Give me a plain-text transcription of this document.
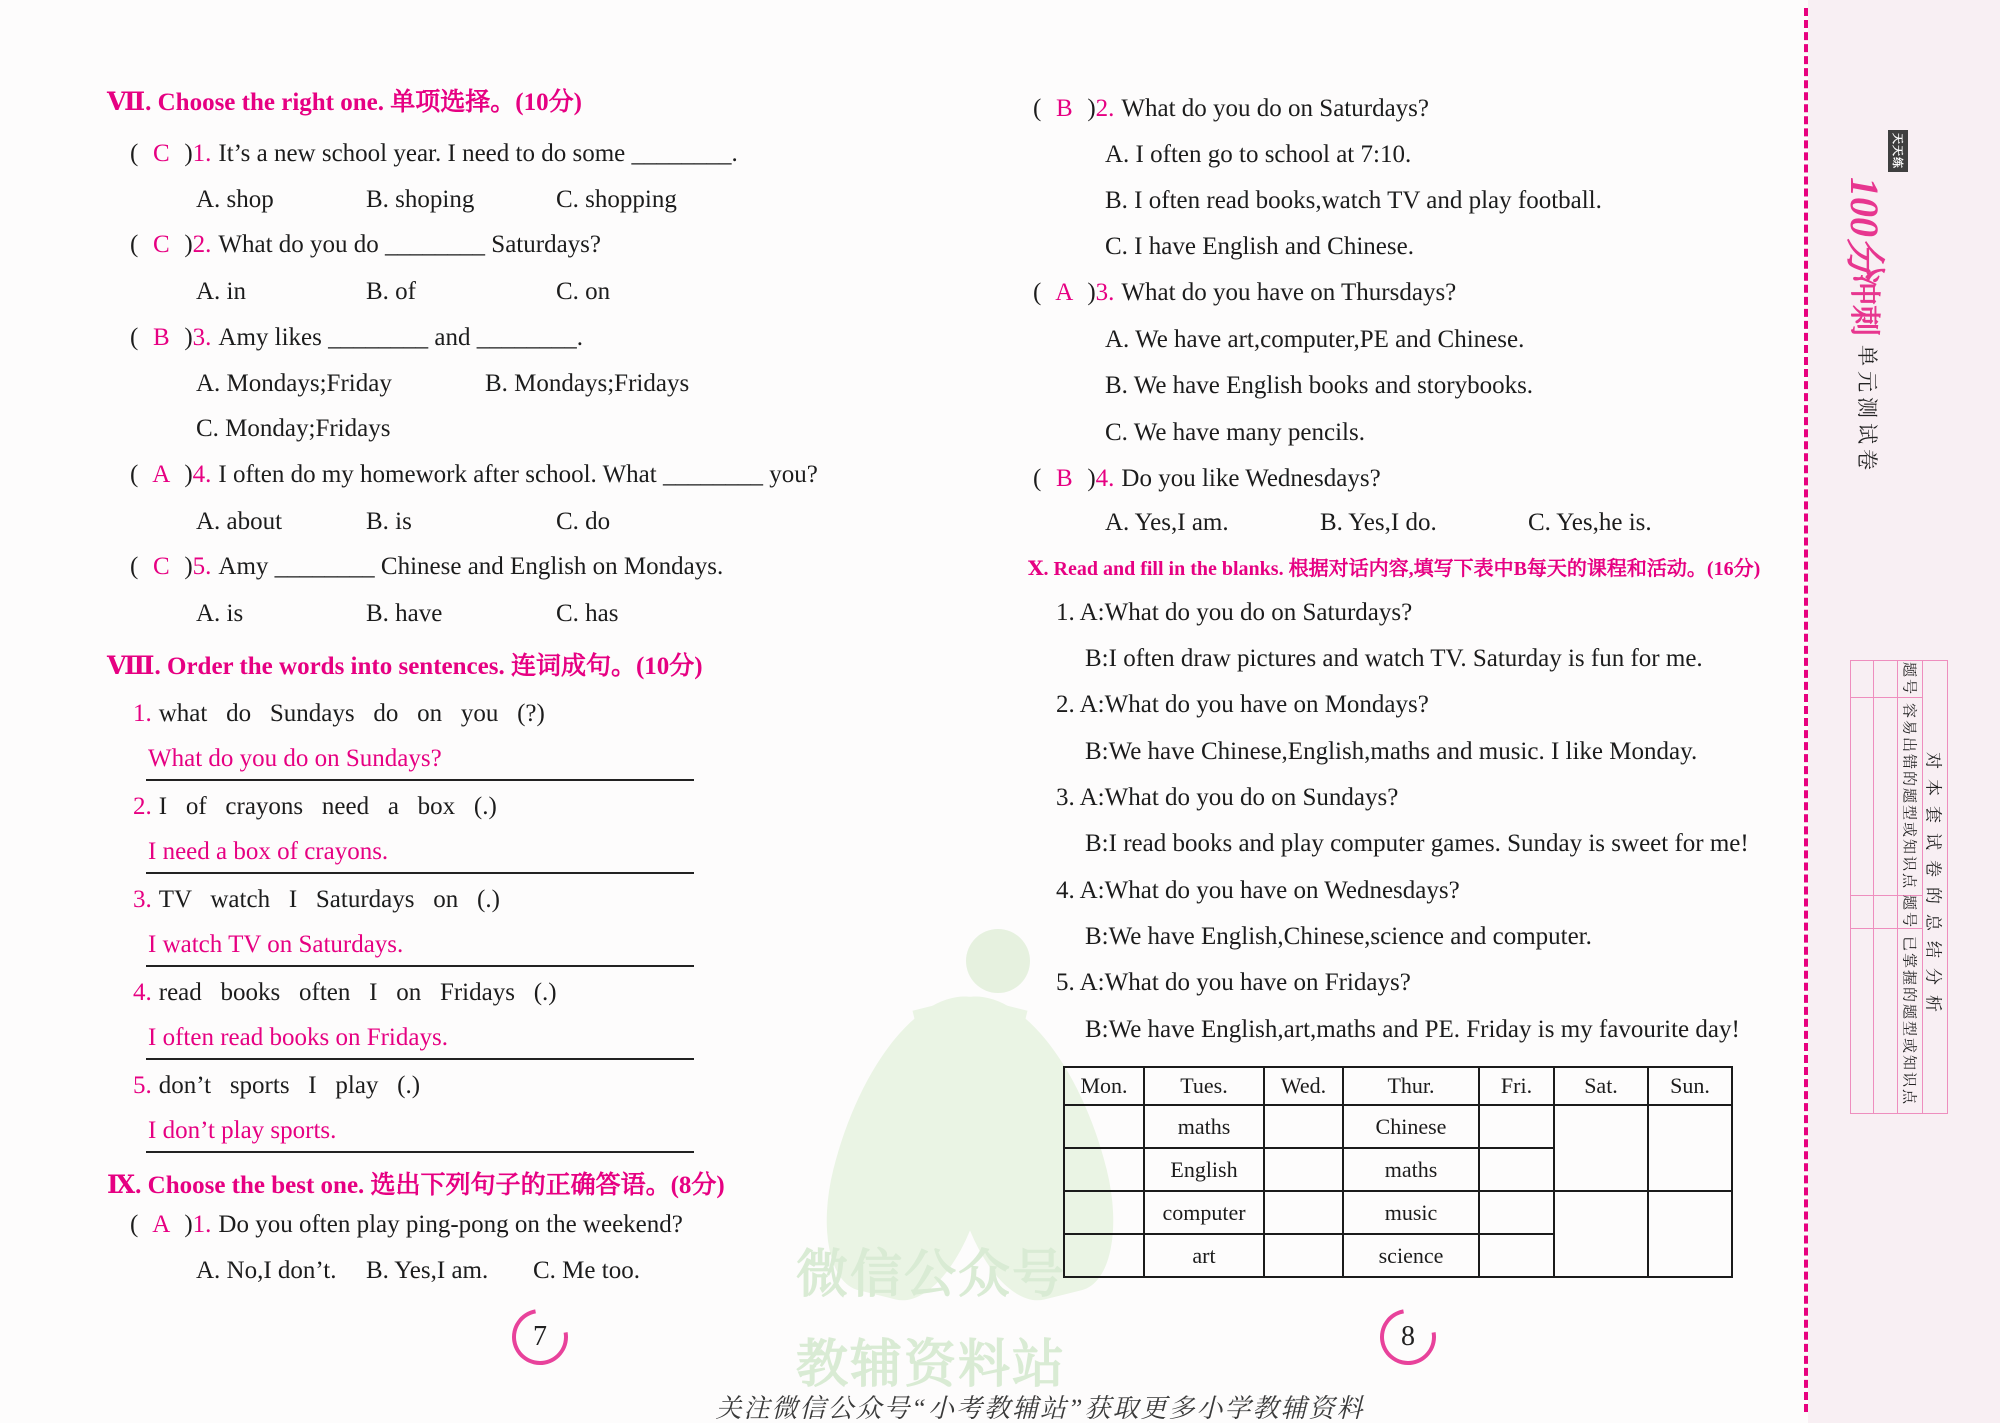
微信公众号
教辅资料站
Ⅶ. Choose the right one. 单项选择。(10分)
( C )1. It’s a new school year. I need to do some ________.

A. shop

	B. shoping

	C. shopping

( C )2. What do you do ________ Saturdays?

A. in

	B. of

	C. on

( B )3. Amy likes ________ and ________.

A. Mondays;Friday

	B. Mondays;Fridays

C. Monday;Fridays

( A )4. I often do my homework after school. What ________ you?

A. about

	B. is

	C. do

( C )5. Amy ________ Chinese and English on Mondays.

A. is

	B. have

	C. has

Ⅷ. Order the words into sentences. 连词成句。(10分)
1. what   do   Sundays   do   on   you   (?)
What do you do on Sundays?
2. I   of   crayons   need   a   box   (.)
I need a box of crayons.
3. TV   watch   I   Saturdays   on   (.)
I watch TV on Saturdays.
4. read   books   often   I   on   Fridays   (.)
I often read books on Fridays.
5. don’t   sports   I   play   (.)
I don’t play sports.
Ⅸ. Choose the best one. 选出下列句子的正确答语。(8分)
( A )1. Do you often play ping-pong on the weekend?

A. No,I don’t.

B. Yes,I am.

C. Me too.

7
( B )2. What do you do on Saturdays?
A. I often go to school at 7:10.
B. I often read books,watch TV and play football.
C. I have English and Chinese.
( A )3. What do you have on Thursdays?
A. We have art,computer,PE and Chinese.
B. We have English books and storybooks.
C. We have many pencils.
( B )4. Do you like Wednesdays?

A. Yes,I am.

	B. Yes,I do.

	C. Yes,he is.

Ⅹ. Read and fill in the blanks. 根据对话内容,填写下表中B每天的课程和活动。(16分)
1. A:What do you do on Saturdays?
B:I often draw pictures and watch TV. Saturday is fun for me.
2. A:What do you have on Mondays?
B:We have Chinese,English,maths and music. I like Monday.
3. A:What do you do on Sundays?
B:I read books and play computer games. Sunday is sweet for me!
4. A:What do you have on Wednesdays?
B:We have English,Chinese,science and computer.
5. A:What do you have on Fridays?
B:We have English,art,maths and PE. Friday is my favourite day!
Mon.	Tues.	Wed.	Thur.	Fri.	Sat.	Sun.
	maths		Chinese			
	English		maths			
	computer		music			
	art		science			
8
天天练
100分
冲刺
单元测试卷
题号
容易出错的题型或知识点
题号
已掌握的题型或知识点 对本套试卷的总结分析
关注微信公众号“小考教辅站”获取更多小学教辅资料
